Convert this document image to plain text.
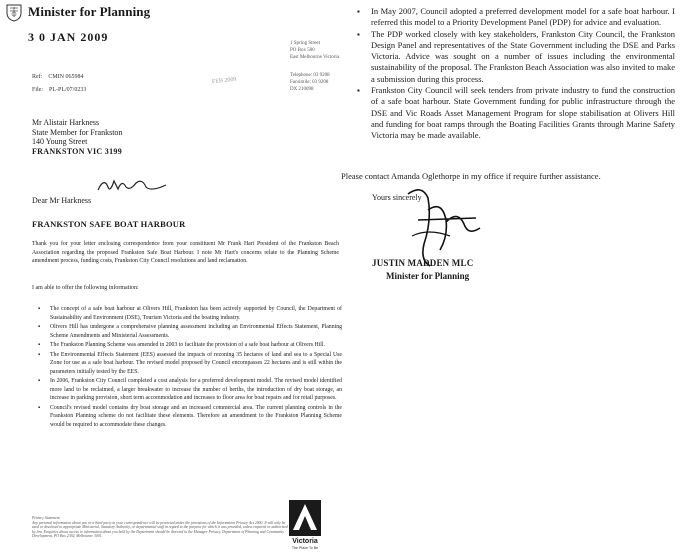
Minister for Planning
3 0 JAN 2009	1 Spring Street
PO Box 500
East Melbourne Victoria
Telephone: 03 9208
Facsimile: 03 9208
DX 210098
FEB 2009
Ref: CMIN 065984
File: PL-PL/07/0233
Mr Alistair Harkness
State Member for Frankston
140 Young Street
FRANKSTON VIC 3199
Dear Mr Harkness
FRANKSTON SAFE BOAT HARBOUR
Thank you for your letter enclosing correspondence from your constituent Mr Frank Hart President of the Frankston Beach Association regarding the proposed Frankston Safe Boat Harbour. I note Mr Hart's concerns relate to the Planning Scheme amendment process, funding costs, Frankston City Council resolutions and land reclamation.
I am able to offer the following information:
▪ The concept of a safe boat harbour at Olivers Hill, Frankston has been actively supported by Council, the Department of Sustainability and Environment (DSE), Tourism Victoria and the boating industry.
▪ Olivers Hill has undergone a comprehensive planning assessment including an Environmental Effects Statement, Planning Scheme Amendments and Ministerial Assessments.
▪ The Frankston Planning Scheme was amended in 2003 to facilitate the provision of a safe boat harbour at Olivers Hill.
▪ The Environmental Effects Statement (EES) assessed the impacts of rezoning 35 hectares of land and sea to a Special Use Zone for use as a safe boat harbour. The revised model proposed by Council encompasses 22 hectares and is still within the parameters initially tested by the EES.
▪ In 2006, Frankston City Council completed a cost analysis for a preferred development model. The revised model identified more land to be reclaimed, a larger breakwater to increase the number of berths, the introduction of dry boat storage, an increase in parking provision, short term accommodation and increases to floor area for boat repairs and for retail purposes.
▪ Council's revised model contains dry boat storage and an increased commercial area. The current planning controls in the Frankston Planning scheme do not facilitate these elements. Therefore an amendment to the Frankston Planning Scheme would be required to accommodate these changes.
Privacy Statement
Any personal information about you or a third party in your correspondence will be protected under the provisions of the Information Privacy Act 2000. It will only be used or disclosed to appropriate Ministerial, Statutory Authority, or departmental staff in regard to the purpose for which it was provided, unless required or authorised by law. Enquiries about access to information about you held by the Department should be directed to the Manager Privacy, Department of Planning and Community Development, PO Box 2392, Melbourne 3001.
Victoria
The Place To Be
▪ In May 2007, Council adopted a preferred development model for a safe boat harbour. I referred this model to a Priority Development Panel (PDP) for advice and evaluation.
▪ The PDP worked closely with key stakeholders, Frankston City Council, the Frankston Design Panel and representatives of the State Government including the DSE and Parks Victoria. Advice was sought on a number of issues including the environmental sustainability of the proposal. The Frankston Beach Association was also invited to make a submission during this process.
▪ Frankston City Council will seek tenders from private industry to fund the construction of a safe boat harbour. State Government funding for public infrastructure through the DSE and Vic Roads Asset Management Program for slope stabilisation at Olivers Hill and funding for boat ramps through the Boating Facilities Grants through Marine Safety Victoria may be made available.
Please contact Amanda Oglethorpe in my office if require further assistance.
Yours sincerely
JUSTIN MADDEN MLC
Minister for Planning
